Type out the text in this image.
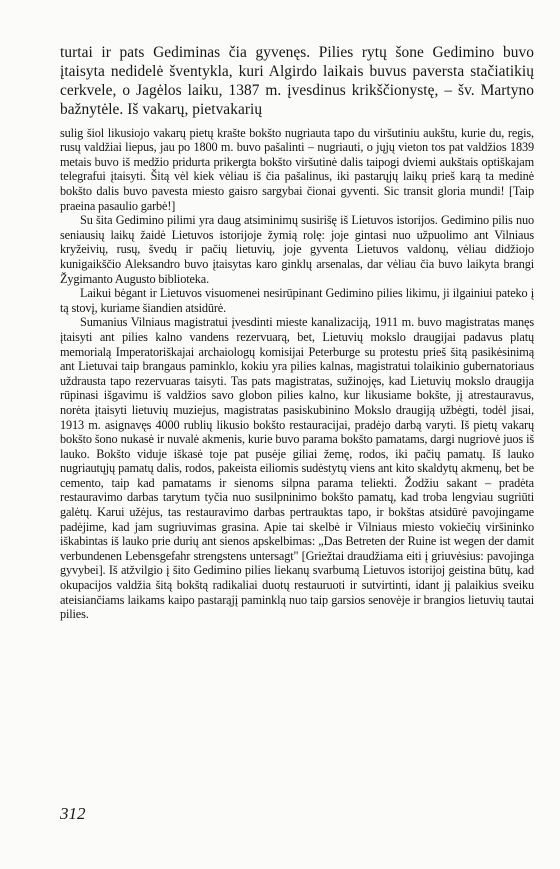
turtai ir pats Gediminas čia gyvenęs. Pilies rytų šone Gedimino buvo įtaisyta nedidelė šventyklа, kuri Algirdo laikais buvus paversta stačiatikių cerkvele, o Jagėlos laiku, 1387 m. įvesdinus krikščionystę, – šv. Martyno bažnytėle. Iš vakarų, pietvakarių

sulig šiol likusiojo vakarų pietų krašte bokšto nugriauta tapo du viršutiniu aukštu, kurie du, regis, rusų valdžiai liepus, jau po 1800 m. buvo pašalinti – nugriauti, o jųjų vieton tos pat valdžios 1839 metais buvo iš medžio pridurta prikergta bokšto viršutinė dalis taipogi dviemi aukštais optiškajam telegrafui įtaisyti. Šitą vėl kiek vėliau iš čia pašalinus, iki pastarųjų laikų prieš karą ta medinė bokšto dalis buvo pavesta miesto gaisro sargybai čionai gyventi. Sic transit gloria mundi! [Taip praeina pasaulio garbė!]

Su šita Gedimino pilimi yra daug atsiminimų susirišę iš Lietuvos istorijos. Gedimino pilis nuo seniausių laikų žaidė Lietuvos istorijoje žymią rolę: joje gintasi nuo užpuolimo ant Vilniaus kryžeivių, rusų, švedų ir pačių lietuvių, joje gyventa Lietuvos valdonų, vėliau didžiojo kunigaikščio Aleksandro buvo įtaisytas karo ginklų arsenalas, dar vėliau čia buvo laikyta brangi Žygimanto Augusto biblioteka.

Laikui bėgant ir Lietuvos visuomenei nesirūpinant Gedimino pilies likimu, ji ilgainiui pateko į tą stovį, kuriame šiandien atsidūrė.

Sumanius Vilniaus magistratui įvesdinti mieste kanalizaciją, 1911 m. buvo magistratas manęs įtaisyti ant pilies kalno vandens rezervuarą, bet, Lietuvių mokslo draugijai padavus platų memorialą Imperatoriškajai archaiologų komisijai Peterburge su protestu prieš šitą pasikėsinimą ant Lietuvai taip brangaus paminklo, kokiu yra pilies kalnas, magistratui tolaikinio gubernatoriaus uždrausta tapo rezervuaras taisyti. Tas pats magistratas, sužinojęs, kad Lietuvių mokslo draugija rūpinasi išgavimu iš valdžios savo globon pilies kalno, kur likusiame bokšte, jį atrestauravus, norėta įtaisyti lietuvių muziejus, magistratas pasiskubinino Mokslo draugiją užbėgti, todėl jisai, 1913 m. asignavęs 4000 rublių likusio bokšto restauracijai, pradėjo darbą varyti. Iš pietų vakarų bokšto šono nukasė ir nuvalė akmenis, kurie buvo parama bokšto pamatams, dargi nugriovė juos iš lauko. Bokšto viduje iškasė toje pat pusėje giliai žemę, rodos, iki pačių pamatų. Iš lauko nugriautųjų pamatų dalis, rodos, pakeista eiliomis sudėstytų viens ant kito skaldytų akmenų, bet be cemento, taip kad pamatams ir sienoms silpna parama teliekti. Žodžiu sakant – pradėta restauravimo darbas tarytum tyčia nuo susilpninimo bokšto pamatų, kad troba lengviau sugriūti galėtų. Karui užėjus, tas restauravimo darbas pertrauktas tapo, ir bokštas atsidūrė pavojingame padėjime, kad jam sugriuvimas grasina. Apie tai skelbė ir Vilniaus miesto vokiečių viršininko iškabintas iš lauko prie durių ant sienos apskelbimas: „Das Betreten der Ruine ist wegen der damit verbundenen Lebensgefahr strengstens untersagt" [Griežtai draudžiama eiti į griuvėsius: pavojinga gyvybei]. Iš atžvilgio į šito Gedimino pilies liekanų svarbumą Lietuvos istorijoj geistina būtų, kad okupacijos valdžia šitą bokštą radikaliai duotų restauruoti ir sutvirtinti, idant jį palaikius sveiku ateisiančiams laikams kaipo pastarąjį paminklą nuo taip garsios senovėje ir brangios lietuvių tautai pilies.

312
